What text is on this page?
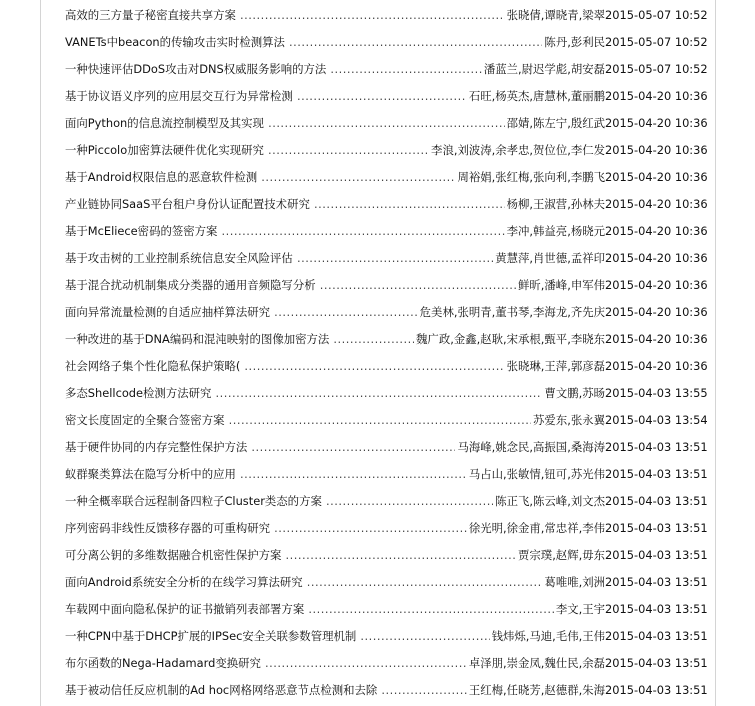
高效的三方量子秘密直接共享方案 .....	张晓倩,谭晓青,梁翠 2015-05-07 10:52
VANETs中beacon的传输攻击实时检测算法 .....	陈丹,彭利民 2015-05-07 10:52
一种快速评估DDoS攻击对DNS权威服务影响的方法 .....	潘蓝兰,尉迟学彪,胡安磊 2015-05-07 10:52
基于协议语义序列的应用层交互行为异常检测 .....	石旺,杨英杰,唐慧林,董丽鹏 2015-04-20 10:36
面向Python的信息流控制模型及其实现 .....	邵婧,陈左宁,殷红武 2015-04-20 10:36
一种Piccolo加密算法硬件优化实现研究 .....	李浪,刘波涛,余孝忠,贺位位,李仁发 2015-04-20 10:36
基于Android权限信息的恶意软件检测 .....	周裕娟,张红梅,张向利,李鹏飞 2015-04-20 10:36
产业链协同SaaS平台租户身份认证配置技术研究 .....	杨柳,王淑营,孙林夫 2015-04-20 10:36
基于McEliece密码的签密方案 .....	李冲,韩益亮,杨晓元 2015-04-20 10:36
基于攻击树的工业控制系统信息安全风险评估 .....	黄慧萍,肖世德,孟祥印 2015-04-20 10:36
基于混合扰动机制集成分类器的通用音频隐写分析 .....	鲜昕,潘峰,申军伟 2015-04-20 10:36
面向异常流量检测的自适应抽样算法研究 .....	危美林,张明青,董书琴,李海龙,齐先庆 2015-04-20 10:36
一种改进的基于DNA编码和混沌映射的图像加密方法 .....	魏广政,金鑫,赵耿,宋承根,甄平,李晓东 2015-04-20 10:36
社会网络子集个性化隐私保护策略( .....	张晓琳,王萍,郭彦磊 2015-04-20 10:36
多态Shellcode检测方法研究 .....	曹文鹏,苏旸 2015-04-03 13:55
密文长度固定的全聚合签密方案 .....	苏爱东,张永翼 2015-04-03 13:54
基于硬件协同的内存完整性保护方法 .....	马海峰,姚念民,高振国,桑海涛 2015-04-03 13:51
蚁群聚类算法在隐写分析中的应用 .....	马占山,张敏情,钮可,苏光伟 2015-04-03 13:51
一种全概率联合远程制备四粒子Cluster类态的方案 .....	陈正飞,陈云峰,刘文杰 2015-04-03 13:51
序列密码非线性反馈移存器的可重构研究 .....	徐光明,徐金甫,常忠祥,李伟 2015-04-03 13:51
可分离公钥的多维数据融合机密性保护方案 .....	贾宗璞,赵辉,毋东 2015-04-03 13:51
面向Android系统安全分析的在线学习算法研究 .....	葛唯唯,刘洲 2015-04-03 13:51
车载网中面向隐私保护的证书撤销列表部署方案 .....	李文,王宇 2015-04-03 13:51
一种CPN中基于DHCP扩展的IPSec安全关联参数管理机制 .....	钱炜烁,马迪,毛伟,王伟 2015-04-03 13:51
布尔函数的Nega-Hadamard变换研究 .....	卓泽朋,崇金凤,魏仕民,余磊 2015-04-03 13:51
基于被动信任反应机制的Ad hoc网格网络恶意节点检测和去除 .....	王红梅,任晓芳,赵德群,朱海 2015-04-03 13:51
